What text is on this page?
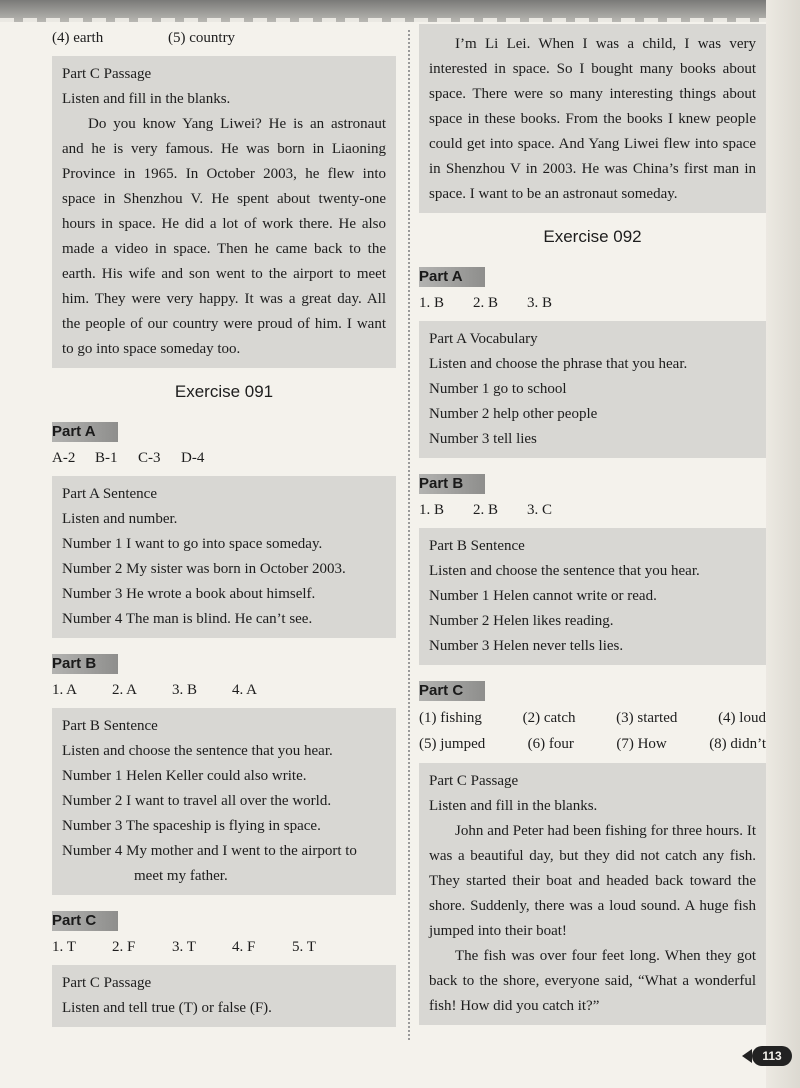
(4) earth	(5) country

Part C Passage

Listen and fill in the blanks.

Do you know Yang Liwei? He is an astronaut and he is very famous. He was born in Liaoning Province in 1965. In October 2003, he flew into space in Shenzhou V. He spent about twenty-one hours in space. He did a lot of work there. He also made a video in space. Then he came back to the earth. His wife and son went to the airport to meet him. They were very happy. It was a great day. All the people of our country were proud of him. I want to go into space someday too.

Exercise 091
Part A
A-2	B-1	C-3	D-4

Part A Sentence

Listen and number.

Number 1 I want to go into space someday.

Number 2 My sister was born in October 2003.

Number 3 He wrote a book about himself.

Number 4 The man is blind. He can’t see.

Part B
1. A	2. A	3. B	4. A

Part B Sentence

Listen and choose the sentence that you hear.

Number 1 Helen Keller could also write.

Number 2 I want to travel all over the world.

Number 3 The spaceship is flying in space.

Number 4 My mother and I went to the airport to

meet my father.

Part C
1. T	2. F	3. T	4. F	5. T

Part C Passage

Listen and tell true (T) or false (F).

I’m Li Lei. When I was a child, I was very interested in space. So I bought many books about space. There were so many interesting things about space in these books. From the books I knew people could get into space. And Yang Liwei flew into space in Shenzhou V in 2003. He was China’s first man in space. I want to be an astronaut someday.

Exercise 092
Part A
1. B	2. B	3. B

Part A Vocabulary

Listen and choose the phrase that you hear.

Number 1 go to school

Number 2 help other people

Number 3 tell lies

Part B
1. B	2. B	3. C

Part B Sentence

Listen and choose the sentence that you hear.

Number 1 Helen cannot write or read.

Number 2 Helen likes reading.

Number 3 Helen never tells lies.

Part C
(1) fishing	(2) catch	(3) started	(4) loud
(5) jumped	(6) four	(7) How	(8) didn’t

Part C Passage

Listen and fill in the blanks.

John and Peter had been fishing for three hours. It was a beautiful day, but they did not catch any fish. They started their boat and headed back toward the shore. Suddenly, there was a loud sound. A huge fish jumped into their boat!

The fish was over four feet long. When they got back to the shore, everyone said, “What a wonderful fish! How did you catch it?”

113
